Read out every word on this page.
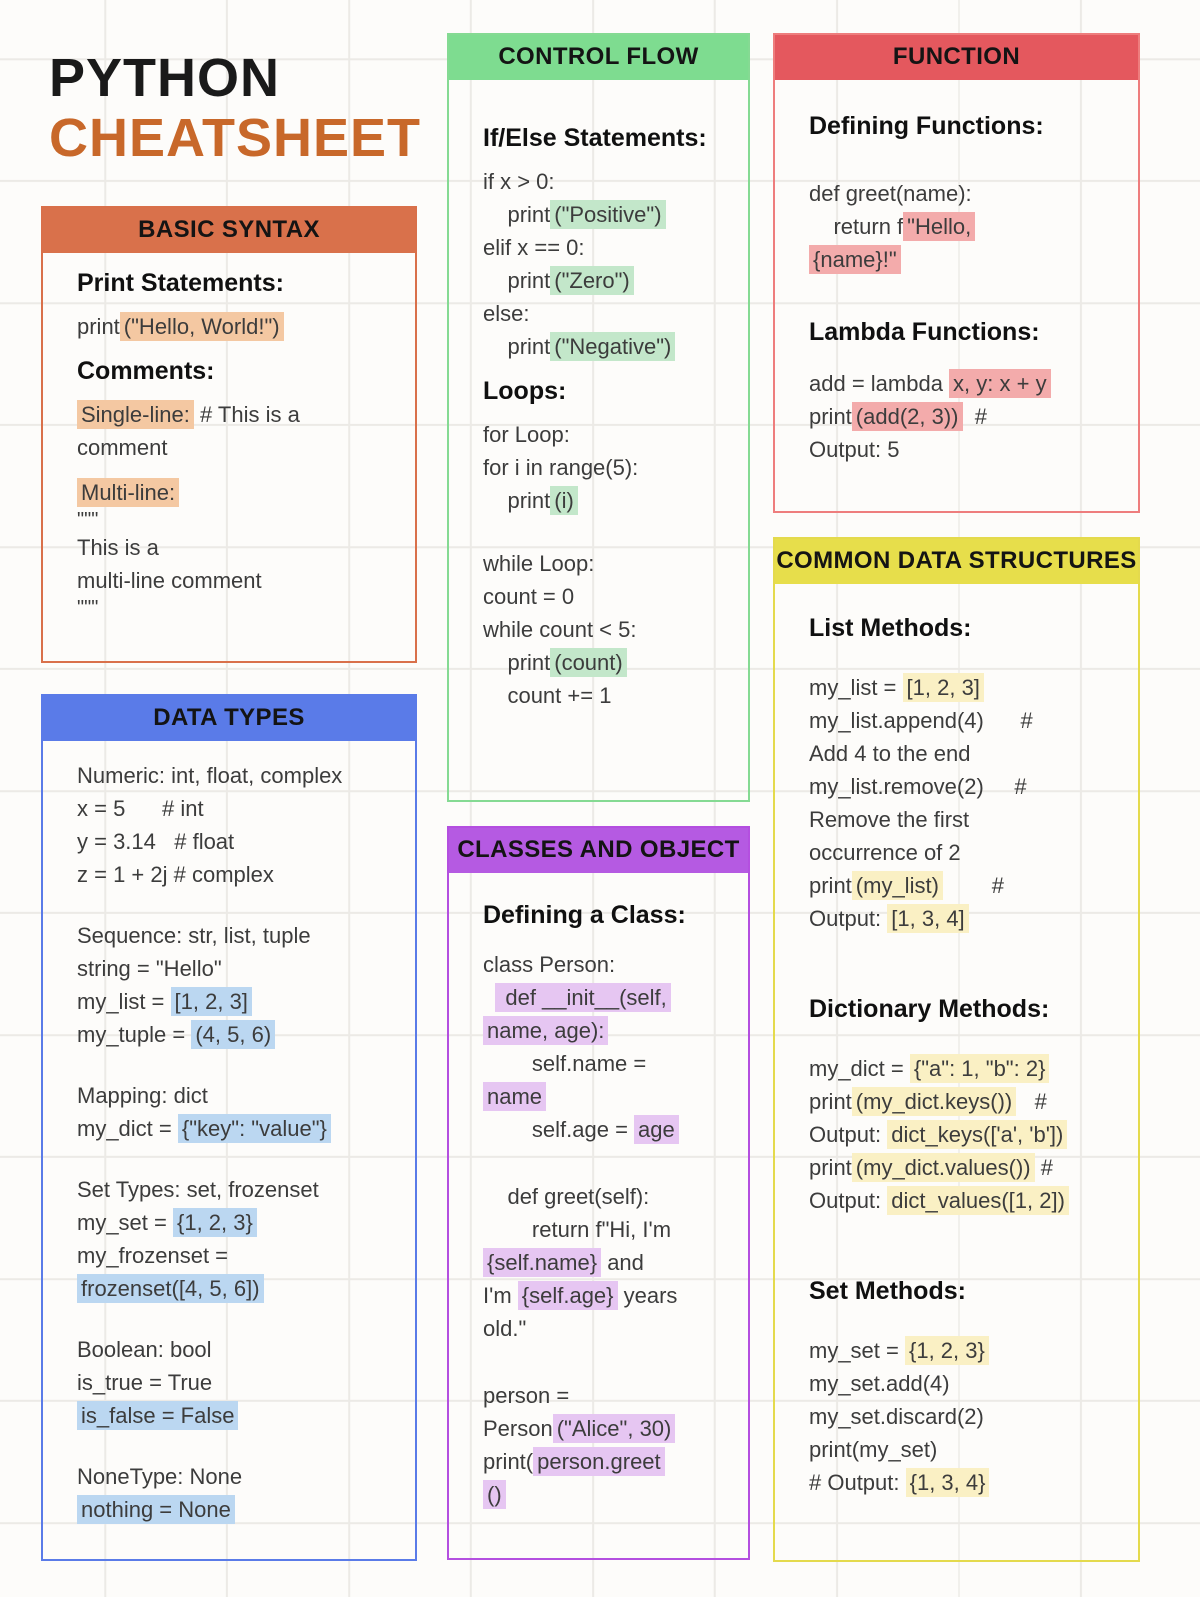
PYTHON
CHEATSHEET
BASIC SYNTAX
Print Statements:
print ("Hello, World!")
Comments:
Single-line: # This is a
comment
Multi-line:
"""
This is a
multi-line comment
"""
DATA TYPES
Numeric: int, float, complex
x = 5      # int
y = 3.14   # float
z = 1 + 2j # complex
Sequence: str, list, tuple
string = "Hello"
my_list = [1, 2, 3]
my_tuple = (4, 5, 6)
Mapping: dict
my_dict = {"key": "value"}
Set Types: set, frozenset
my_set = {1, 2, 3}
my_frozenset =
frozenset([4, 5, 6])
Boolean: bool
is_true = True
is_false = False
NoneType: None
nothing = None
CONTROL FLOW
If/Else Statements:
if x > 0:
print ("Positive")
elif x == 0:
print ("Zero")
else:
print ("Negative")
Loops:
for Loop:
for i in range(5):
print (i)
while Loop:
count = 0
while count < 5:
print (count)
count += 1
CLASSES AND OBJECT
Defining a Class:
class Person:
def __init__(self,
name, age):
self.name =
name
self.age = age
def greet(self):
return f"Hi, I'm
{self.name} and
I'm {self.age} years
old."
person =
Person ("Alice", 30)
print( person.greet
()
FUNCTION
Defining Functions:
def greet(name):
return f "Hello,
{name}!"
Lambda Functions:
add = lambda x, y: x + y
print (add(2, 3))  #
Output: 5
COMMON DATA STRUCTURES
List Methods:
my_list = [1, 2, 3]
my_list.append(4)      #
Add 4 to the end
my_list.remove(2)     #
Remove the first
occurrence of 2
print (my_list)        #
Output: [1, 3, 4]
Dictionary Methods:
my_dict = {"a": 1, "b": 2}
print (my_dict.keys())   #
Output: dict_keys(['a', 'b'])
print (my_dict.values()) #
Output: dict_values([1, 2])
Set Methods:
my_set = {1, 2, 3}
my_set.add(4)
my_set.discard(2)
print(my_set)
# Output: {1, 3, 4}
